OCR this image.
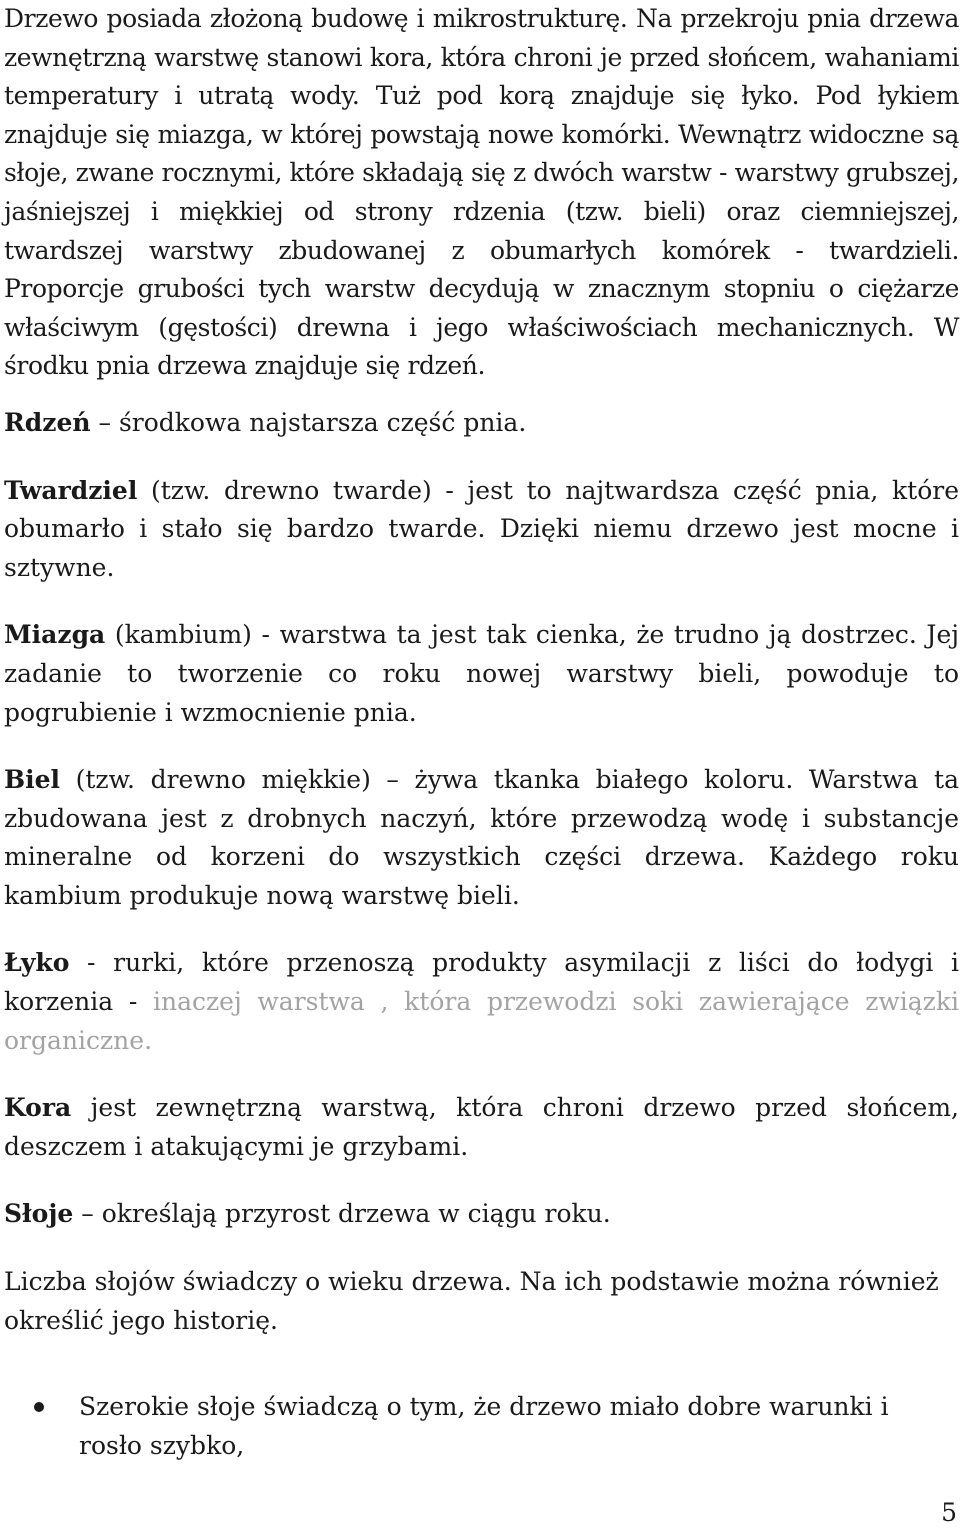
Drzewo posiada złożoną budowę i mikrostrukturę. Na przekroju pnia drzewa zewnętrzną warstwę stanowi kora, która chroni je przed słońcem, wahaniami temperatury i utratą wody. Tuż pod korą znajduje się łyko. Pod łykiem znajduje się miazga, w której powstają nowe komórki. Wewnątrz widoczne są słoje, zwane rocznymi, które składają się z dwóch warstw - warstwy grubszej, jaśniejszej i miękkiej od strony rdzenia (tzw. bieli) oraz ciemniejszej, twardszej warstwy zbudowanej z obumarłych komórek - twardzieli. Proporcje grubości tych warstw decydują w znacznym stopniu o ciężarze właściwym (gęstości) drewna i jego właściwościach mechanicznych. W środku pnia drzewa znajduje się rdzeń.

Rdzeń – środkowa najstarsza część pnia.

Twardziel (tzw. drewno twarde) - jest to najtwardsza część pnia, które obumarło i stało się bardzo twarde. Dzięki niemu drzewo jest mocne i sztywne.

Miazga (kambium) - warstwa ta jest tak cienka, że trudno ją dostrzec. Jej zadanie to tworzenie co roku nowej warstwy bieli, powoduje to pogrubienie i wzmocnienie pnia.

Biel (tzw. drewno miękkie) – żywa tkanka białego koloru. Warstwa ta zbudowana jest z drobnych naczyń, które przewodzą wodę i substancje mineralne od korzeni do wszystkich części drzewa. Każdego roku kambium produkuje nową warstwę bieli.

Łyko - rurki, które przenoszą produkty asymilacji z liści do łodygi i korzenia - inaczej warstwa , która przewodzi soki zawierające związki organiczne.

Kora jest zewnętrzną warstwą, która chroni drzewo przed słońcem, deszczem i atakującymi je grzybami.

Słoje – określają przyrost drzewa w ciągu roku.

Liczba słojów świadczy o wieku drzewa. Na ich podstawie można również określić jego historię.

Szerokie słoje świadczą o tym, że drzewo miało dobre warunki i rosło szybko,

5
